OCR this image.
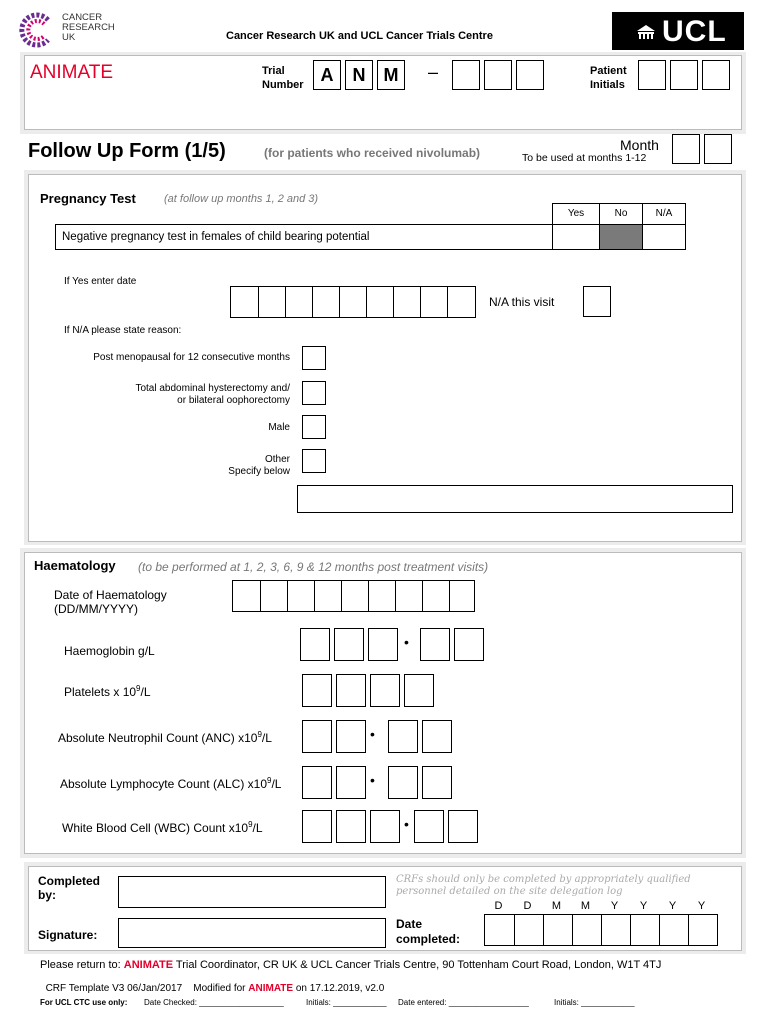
CANCER
RESEARCH
UK	Cancer Research UK and UCL Cancer Trials Centre	UCL
ANIMATE	Trial
Number A	N	M	–	Patient
Initials
Follow Up Form (1/5)	(for patients who received nivolumab)	Month
To be used at months 1-12
Pregnancy Test	(at follow up months 1, 2 and 3)
Yes	No	N/A
Negative pregnancy test in females of child bearing potential
If Yes enter date
N/A this visit
If N/A please state reason:
Post menopausal for 12 consecutive months
Total abdominal hysterectomy and/
or bilateral oophorectomy
Male
Other
Specify below
Haematology (to be performed at 1, 2, 3, 6, 9 & 12 months post treatment visits)
Date of Haematology
(DD/MM/YYYY)
Haemoglobin g/L
•
Platelets x $10^9/L$
Absolute Neutrophil Count (ANC) $x10^9/L$	•
Absolute Lymphocyte Count (ALC) $x10^9/L$	•
White Blood Cell (WBC) Count $x10^9/L$	•
Completed by:
Signature:
CRFs should only be completed by appropriately qualified
personnel detailed on the site delegation log
Date
completed:
D	D	M	M	Y	Y	Y	Y
Please return to: ANIMATE Trial Coordinator, CR UK & UCL Cancer Trials Centre, 90 Tottenham Court Road, London, W1T 4TJ

CRF Template V3 06/Jan/2017    Modified for ANIMATE on 17.12.2019, v2.0

For UCL CTC use only:	Date Checked: ___________________	Initials: ____________	Date entered: __________________	Initials: ____________
